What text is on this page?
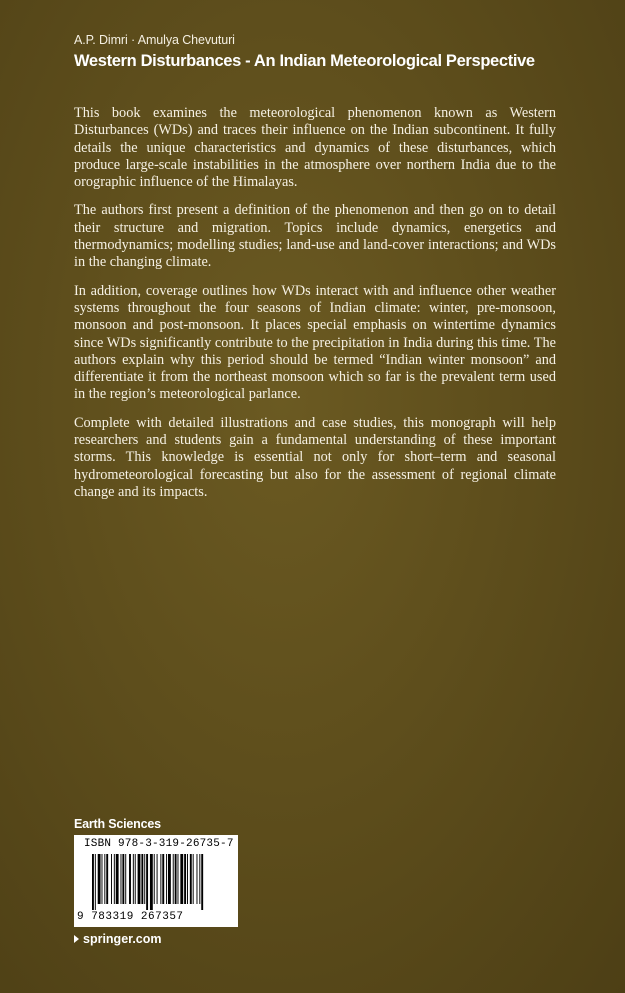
A.P. Dimri · Amulya Chevuturi
Western Disturbances - An Indian Meteorological Perspective

This book examines the meteorological phenomenon known as Western Disturbances (WDs) and traces their influence on the Indian subcontinent. It fully details the unique characteristics and dynamics of these disturbances, which produce large-scale instabilities in the atmosphere over northern India due to the orographic influence of the Himalayas.

The authors first present a definition of the phenomenon and then go on to detail their structure and migration. Topics include dynamics, energetics and thermodynamics; modelling studies; land-use and land-cover interactions; and WDs in the changing climate.

In addition, coverage outlines how WDs interact with and influence other weather systems throughout the four seasons of Indian climate: winter, pre-monsoon, monsoon and post-monsoon. It places special emphasis on wintertime dynamics since WDs significantly contribute to the precipitation in India during this time. The authors explain why this period should be termed “Indian winter monsoon” and differentiate it from the northeast monsoon which so far is the prevalent term used in the region’s meteorological parlance.

Complete with detailed illustrations and case studies, this monograph will help researchers and students gain a fundamental understanding of these important storms. This knowledge is essential not only for short–term and seasonal hydrometeorological forecasting but also for the assessment of regional climate change and its impacts.

Earth Sciences
ISBN 978-3-319-26735-7
9 783319 267357
springer.com
